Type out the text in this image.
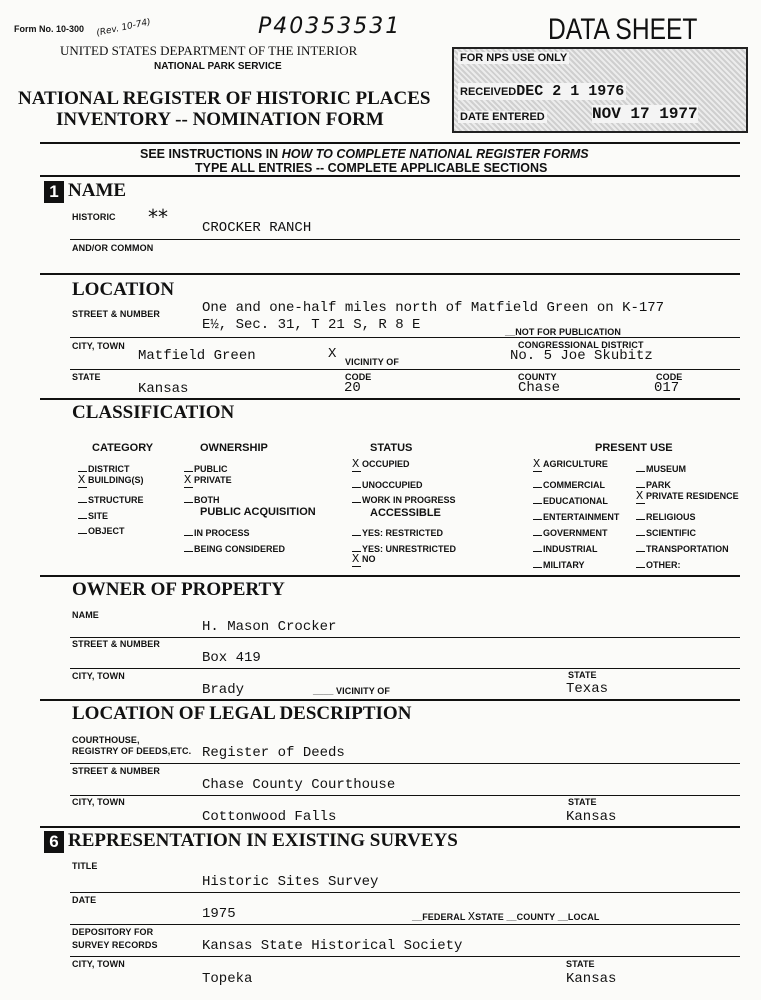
Form No. 10-300 (Rev. 10-74)	P40353531	DATA SHEET
UNITED STATES DEPARTMENT OF THE INTERIOR
NATIONAL PARK SERVICE
NATIONAL REGISTER OF HISTORIC PLACES
INVENTORY -- NOMINATION FORM
FOR NPS USE ONLY
RECEIVEDDEC 2 1 1976
DATE ENTERED	NOV 17 1977
SEE INSTRUCTIONS IN HOW TO COMPLETE NATIONAL REGISTER FORMS
TYPE ALL ENTRIES -- COMPLETE APPLICABLE SECTIONS
1 NAME
HISTORIC ** CROCKER RANCH
AND/OR COMMON
LOCATION
STREET & NUMBER	One and one-half miles north of Matfield Green on K-177
E½, Sec. 31, T 21 S, R 8 E	__NOT FOR PUBLICATION
CITY, TOWN
Matfield Green	X VICINITY OF
CONGRESSIONAL DISTRICT
No. 5 Joe Skubitz
STATE
Kansas
CODE
20
COUNTY
Chase
CODE
017
CLASSIFICATION
CATEGORY	OWNERSHIP	STATUS	PRESENT USE
PUBLIC ACQUISITION	ACCESSIBLE
DISTRICT
X BUILDING(S)
STRUCTURE
SITE
OBJECT
PUBLIC
X PRIVATE
BOTH
IN PROCESS
BEING CONSIDERED
X OCCUPIED
UNOCCUPIED
WORK IN PROGRESS
YES: RESTRICTED
YES: UNRESTRICTED
X NO
X AGRICULTURE
COMMERCIAL
EDUCATIONAL
ENTERTAINMENT
GOVERNMENT
INDUSTRIAL
MILITARY
MUSEUM
PARK
X PRIVATE RESIDENCE
RELIGIOUS
SCIENTIFIC
TRANSPORTATION
OTHER:
OWNER OF PROPERTY
NAME
H. Mason Crocker
STREET & NUMBER
Box 419
CITY, TOWN
Brady	____ VICINITY OF
STATE
Texas
LOCATION OF LEGAL DESCRIPTION
COURTHOUSE,
REGISTRY OF DEEDS,ETC. Register of Deeds
STREET & NUMBER
Chase County Courthouse
CITY, TOWN
Cottonwood Falls
STATE
Kansas
6 REPRESENTATION IN EXISTING SURVEYS
TITLE
Historic Sites Survey
DATE
1975	__FEDERAL XSTATE __COUNTY __LOCAL
DEPOSITORY FOR
SURVEY RECORDS	Kansas State Historical Society
CITY, TOWN
Topeka
STATE
Kansas
